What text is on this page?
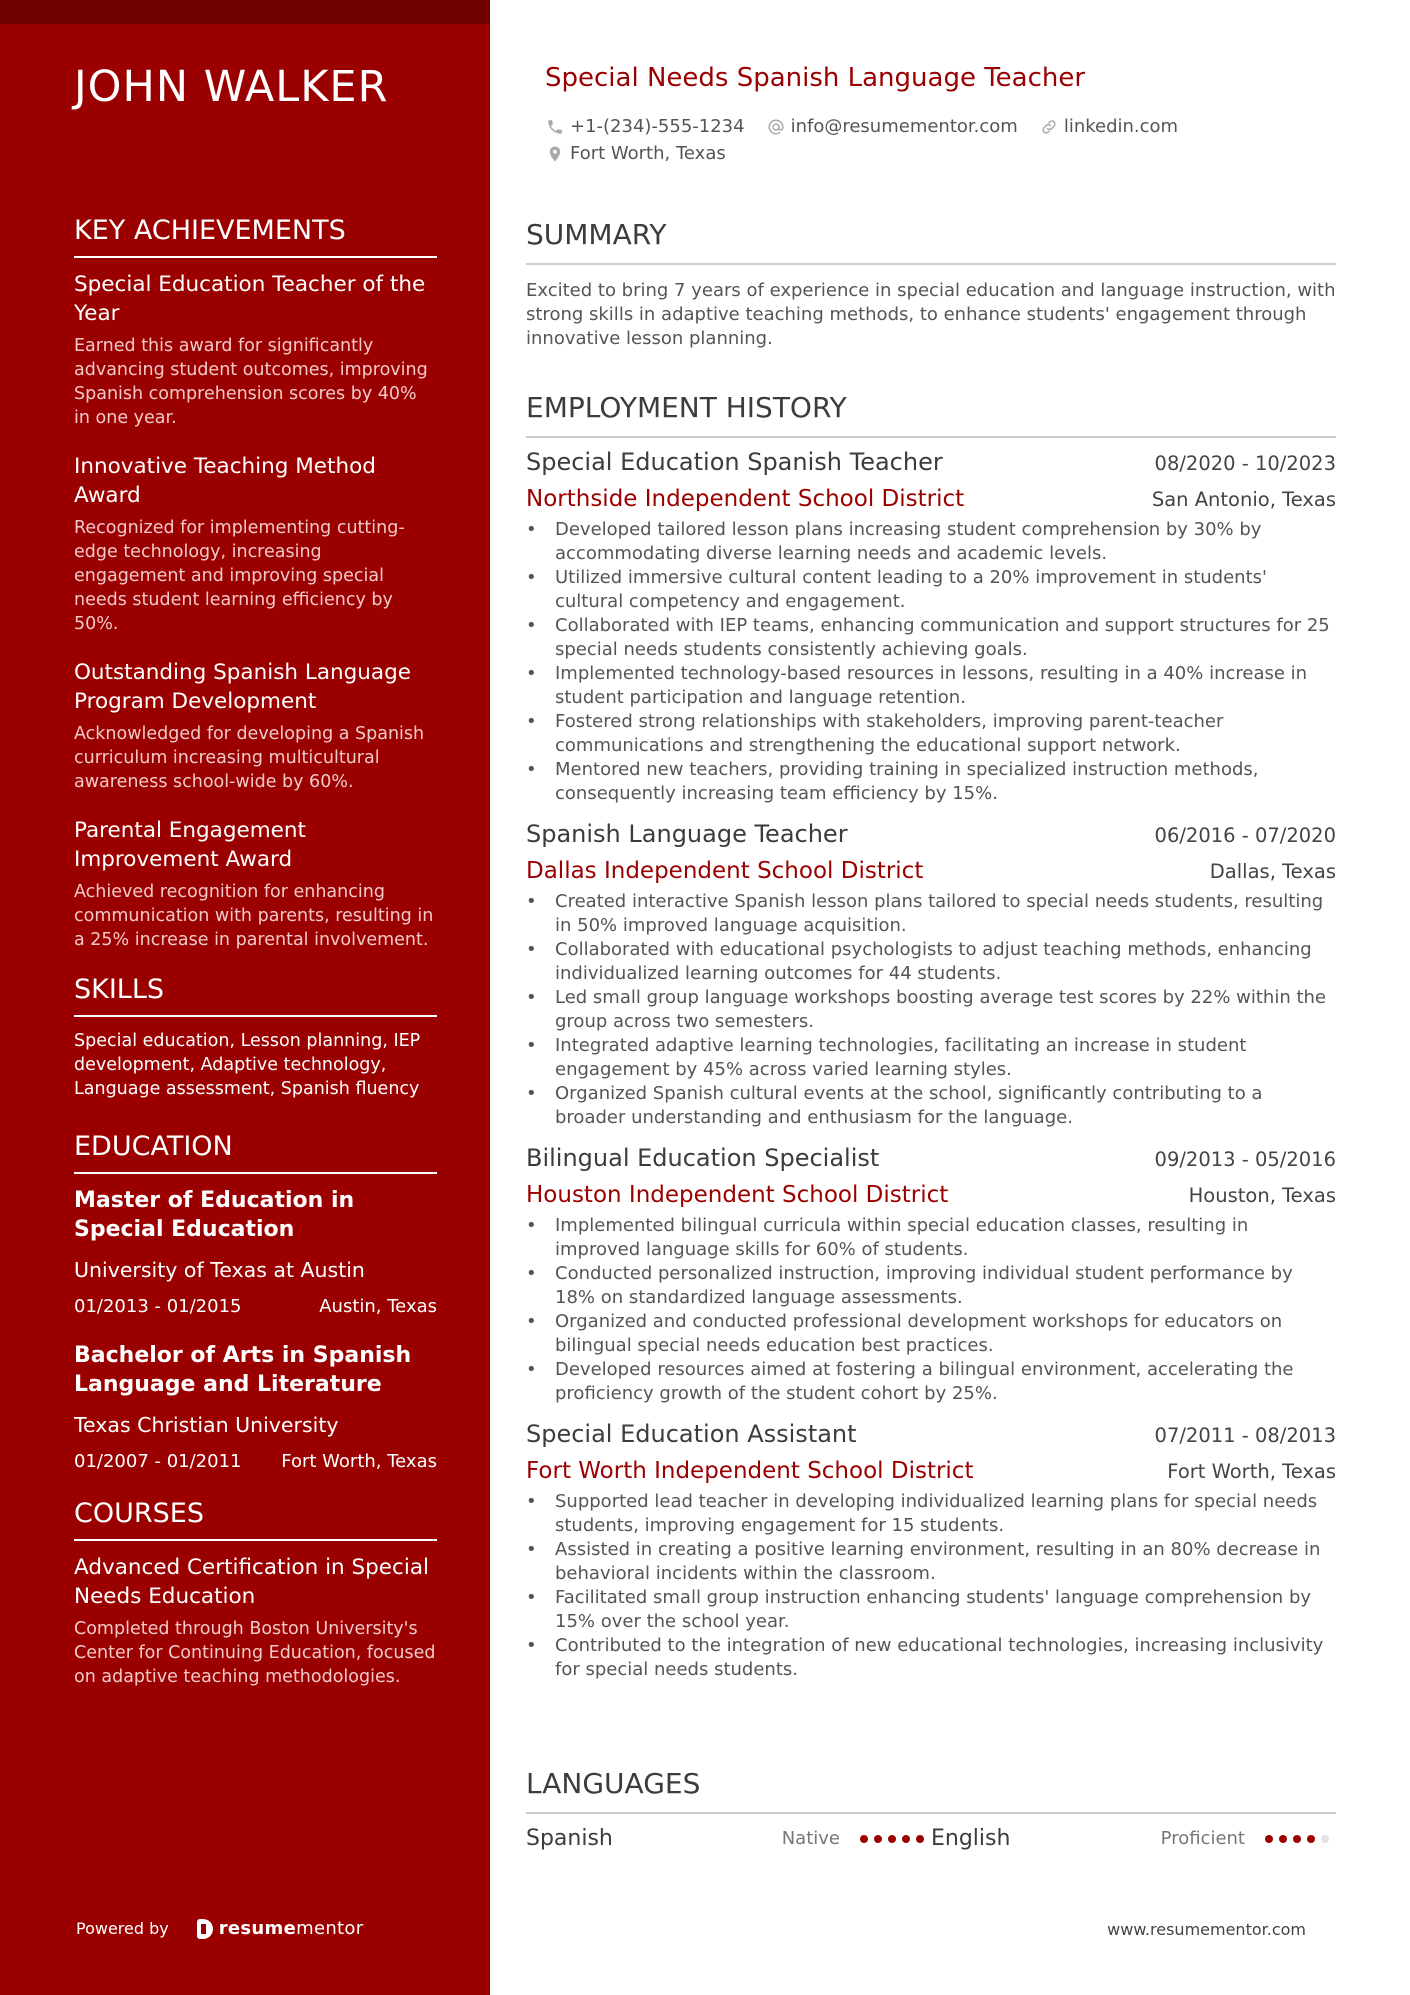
JOHN WALKER
KEY ACHIEVEMENTS
Special Education Teacher of the Year
Earned this award for significantly advancing student outcomes, improving Spanish comprehension scores by 40% in one year.
Innovative Teaching Method Award
Recognized for implementing cutting-edge technology, increasing engagement and improving special needs student learning efficiency by 50%.
Outstanding Spanish Language Program Development
Acknowledged for developing a Spanish curriculum increasing multicultural awareness school-wide by 60%.
Parental Engagement Improvement Award
Achieved recognition for enhancing communication with parents, resulting in a 25% increase in parental involvement.
SKILLS
Special education, Lesson planning, IEP development, Adaptive technology, Language assessment, Spanish fluency
EDUCATION
Master of Education in Special Education
University of Texas at Austin
01/2013 - 01/2015	Austin, Texas
Bachelor of Arts in Spanish Language and Literature
Texas Christian University
01/2007 - 01/2011 Fort Worth, Texas
COURSES
Advanced Certification in Special Needs Education
Completed through Boston University's Center for Continuing Education, focused on adaptive teaching methodologies.
Powered by	resume mentor
Special Needs Spanish Language Teacher
+1-(234)-555-1234	info@resumementor.com	linkedin.com
Fort Worth, Texas
SUMMARY
Excited to bring 7 years of experience in special education and language instruction, with strong skills in adaptive teaching methods, to enhance students' engagement through innovative lesson planning.
EMPLOYMENT HISTORY
Special Education Spanish Teacher	08/2020 - 10/2023
Northside Independent School District	San Antonio, Texas
• Developed tailored lesson plans increasing student comprehension by 30% by accommodating diverse learning needs and academic levels.
• Utilized immersive cultural content leading to a 20% improvement in students' cultural competency and engagement.
• Collaborated with IEP teams, enhancing communication and support structures for 25 special needs students consistently achieving goals.
• Implemented technology-based resources in lessons, resulting in a 40% increase in student participation and language retention.
• Fostered strong relationships with stakeholders, improving parent-teacher communications and strengthening the educational support network.
• Mentored new teachers, providing training in specialized instruction methods, consequently increasing team efficiency by 15%.
Spanish Language Teacher	06/2016 - 07/2020
Dallas Independent School District	Dallas, Texas
• Created interactive Spanish lesson plans tailored to special needs students, resulting in 50% improved language acquisition.
• Collaborated with educational psychologists to adjust teaching methods, enhancing individualized learning outcomes for 44 students.
• Led small group language workshops boosting average test scores by 22% within the group across two semesters.
• Integrated adaptive learning technologies, facilitating an increase in student engagement by 45% across varied learning styles.
• Organized Spanish cultural events at the school, significantly contributing to a broader understanding and enthusiasm for the language.
Bilingual Education Specialist	09/2013 - 05/2016
Houston Independent School District	Houston, Texas
• Implemented bilingual curricula within special education classes, resulting in improved language skills for 60% of students.
• Conducted personalized instruction, improving individual student performance by 18% on standardized language assessments.
• Organized and conducted professional development workshops for educators on bilingual special needs education best practices.
• Developed resources aimed at fostering a bilingual environment, accelerating the proficiency growth of the student cohort by 25%.
Special Education Assistant	07/2011 - 08/2013
Fort Worth Independent School District	Fort Worth, Texas
• Supported lead teacher in developing individualized learning plans for special needs students, improving engagement for 15 students.
• Assisted in creating a positive learning environment, resulting in an 80% decrease in behavioral incidents within the classroom.
• Facilitated small group instruction enhancing students' language comprehension by 15% over the school year.
• Contributed to the integration of new educational technologies, increasing inclusivity for special needs students.
LANGUAGES
Spanish	Native	English	Proficient
www.resumementor.com
